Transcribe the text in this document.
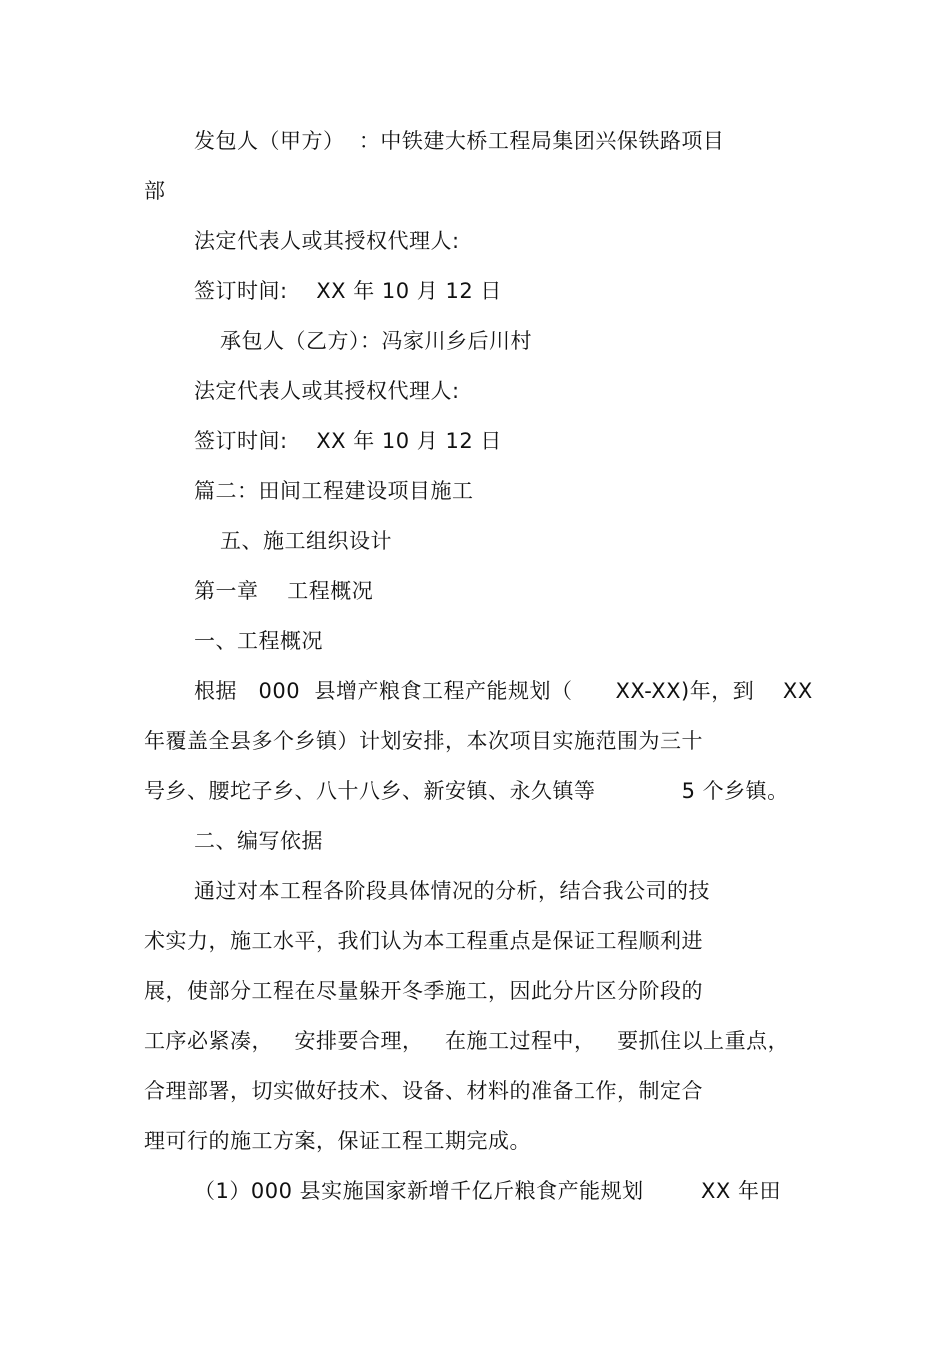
发包人（甲方）  ：中铁建大桥工程局集团兴保铁路项目
部
法定代表人或其授权代理人:
签订时间:    XX 年 10 月 12 日
承包人（乙方）：冯家川乡后川村
法定代表人或其授权代理人:
签订时间:    XX 年 10 月 12 日
篇二：田间工程建设项目施工
五、施工组织设计
第一章    工程概况
一、工程概况
根据   000  县增产粮食工程产能规划（      XX-XX)年，到    XX
年覆盖全县多个乡镇）计划安排，本次项目实施范围为三十
号乡、腰坨子乡、八十八乡、新安镇、永久镇等            5 个乡镇。
二、编写依据
通过对本工程各阶段具体情况的分析，结合我公司的技
术实力，施工水平，我们认为本工程重点是保证工程顺利进
展，使部分工程在尽量躲开冬季施工，因此分片区分阶段的
工序必紧凑，   安排要合理，   在施工过程中，   要抓住以上重点，
合理部署，切实做好技术、设备、材料的准备工作，制定合
理可行的施工方案，保证工程工期完成。
（1）000 县实施国家新增千亿斤粮食产能规划        XX 年田
